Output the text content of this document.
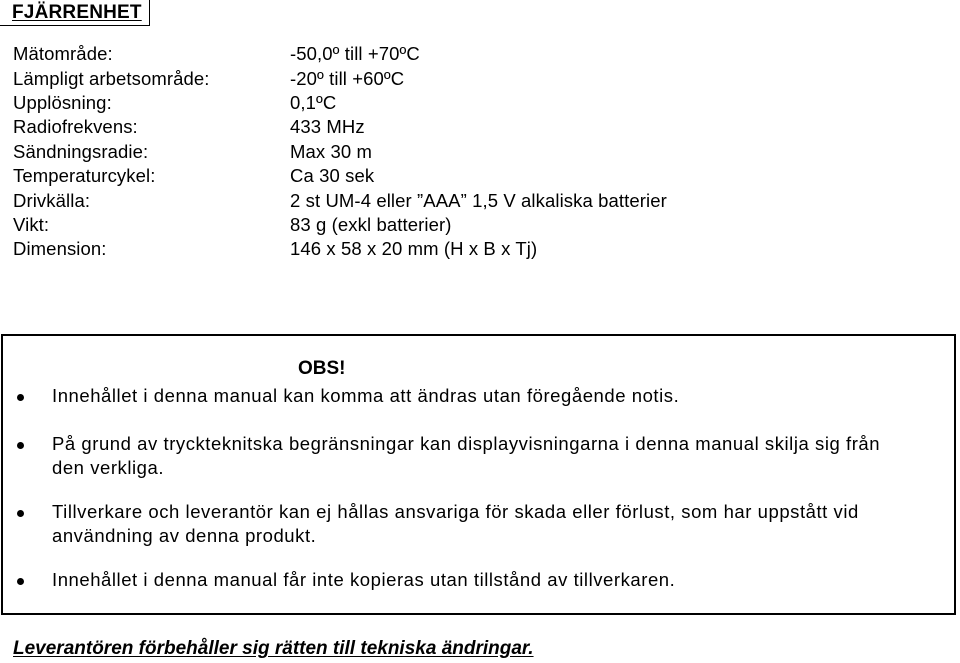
FJÄRRENHET
Mätområde:	-50,0º till +70ºC
Lämpligt arbetsområde:	-20º till +60ºC
Upplösning:	0,1ºC
Radiofrekvens:	433 MHz
Sändningsradie:	Max 30 m
Temperaturcykel:	Ca 30 sek
Drivkälla:	2 st UM-4 eller ”AAA” 1,5 V alkaliska batterier
Vikt:	83 g (exkl batterier)
Dimension:	146 x 58 x 20 mm (H x B x Tj)
OBS!
Innehållet i denna manual kan komma att ändras utan föregående notis.
På grund av tryckteknitska begränsningar kan displayvisningarna i denna manual skilja sig från den verkliga.
Tillverkare och leverantör kan ej hållas ansvariga för skada eller förlust, som har uppstått vid användning av denna produkt.
Innehållet i denna manual får inte kopieras utan tillstånd av tillverkaren.
Leverantören förbehåller sig rätten till tekniska ändringar.
